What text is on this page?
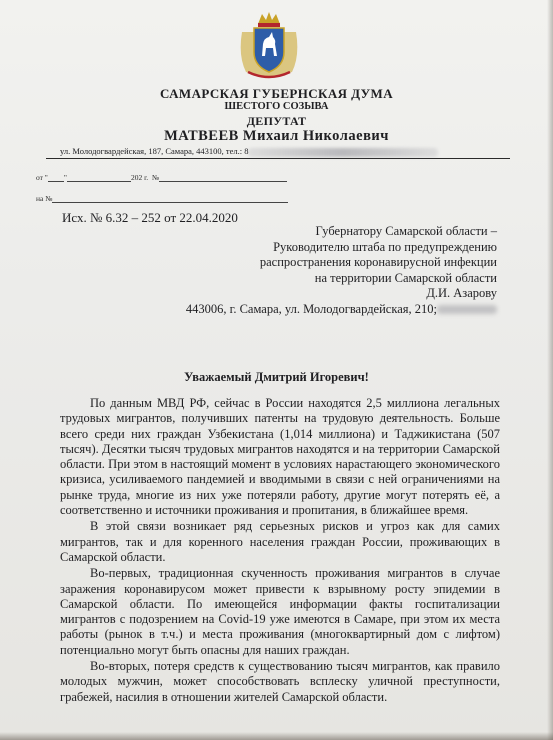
САМАРСКАЯ ГУБЕРНСКАЯ ДУМА
ШЕСТОГО СОЗЫВА
ДЕПУТАТ
МАТВЕЕВ Михаил Николаевич
ул. Молодогвардейская, 187, Самара, 443100, тел.: 8
от " "	202 г. №
на №
Исх. № 6.32 – 252 от 22.04.2020
Губернатору Самарской области –
Руководителю штаба по предупреждению
распространения коронавирусной инфекции
на территории Самарской области
Д.И. Азарову
443006, г. Самара, ул. Молодогвардейская, 210;
Уважаемый Дмитрий Игоревич!

По данным МВД РФ, сейчас в России находятся 2,5 миллиона легальных трудовых мигрантов, получивших патенты на трудовую деятельность. Больше всего среди них граждан Узбекистана (1,014 миллиона) и Таджикистана (507 тысяч). Десятки тысяч трудовых мигрантов находятся и на территории Самарской области. При этом в настоящий момент в условиях нарастающего экономического кризиса, усиливаемого пандемией и вводимыми в связи с ней ограничениями на рынке труда, многие из них уже потеряли работу, другие могут потерять её, а соответственно и источники проживания и пропитания, в ближайшее время.

В этой связи возникает ряд серьезных рисков и угроз как для самих мигрантов, так и для коренного населения граждан России, проживающих в Самарской области.

Во-первых, традиционная скученность проживания мигрантов в случае заражения коронавирусом может привести к взрывному росту эпидемии в Самарской области. По имеющейся информации факты госпитализации мигрантов с подозрением на Covid-19 уже имеются в Самаре, при этом их места работы (рынок в т.ч.) и места проживания (многоквартирный дом с лифтом) потенциально могут быть опасны для наших граждан.

Во-вторых, потеря средств к существованию тысяч мигрантов, как правило молодых мужчин, может способствовать всплеску уличной преступности, грабежей, насилия в отношении жителей Самарской области.
